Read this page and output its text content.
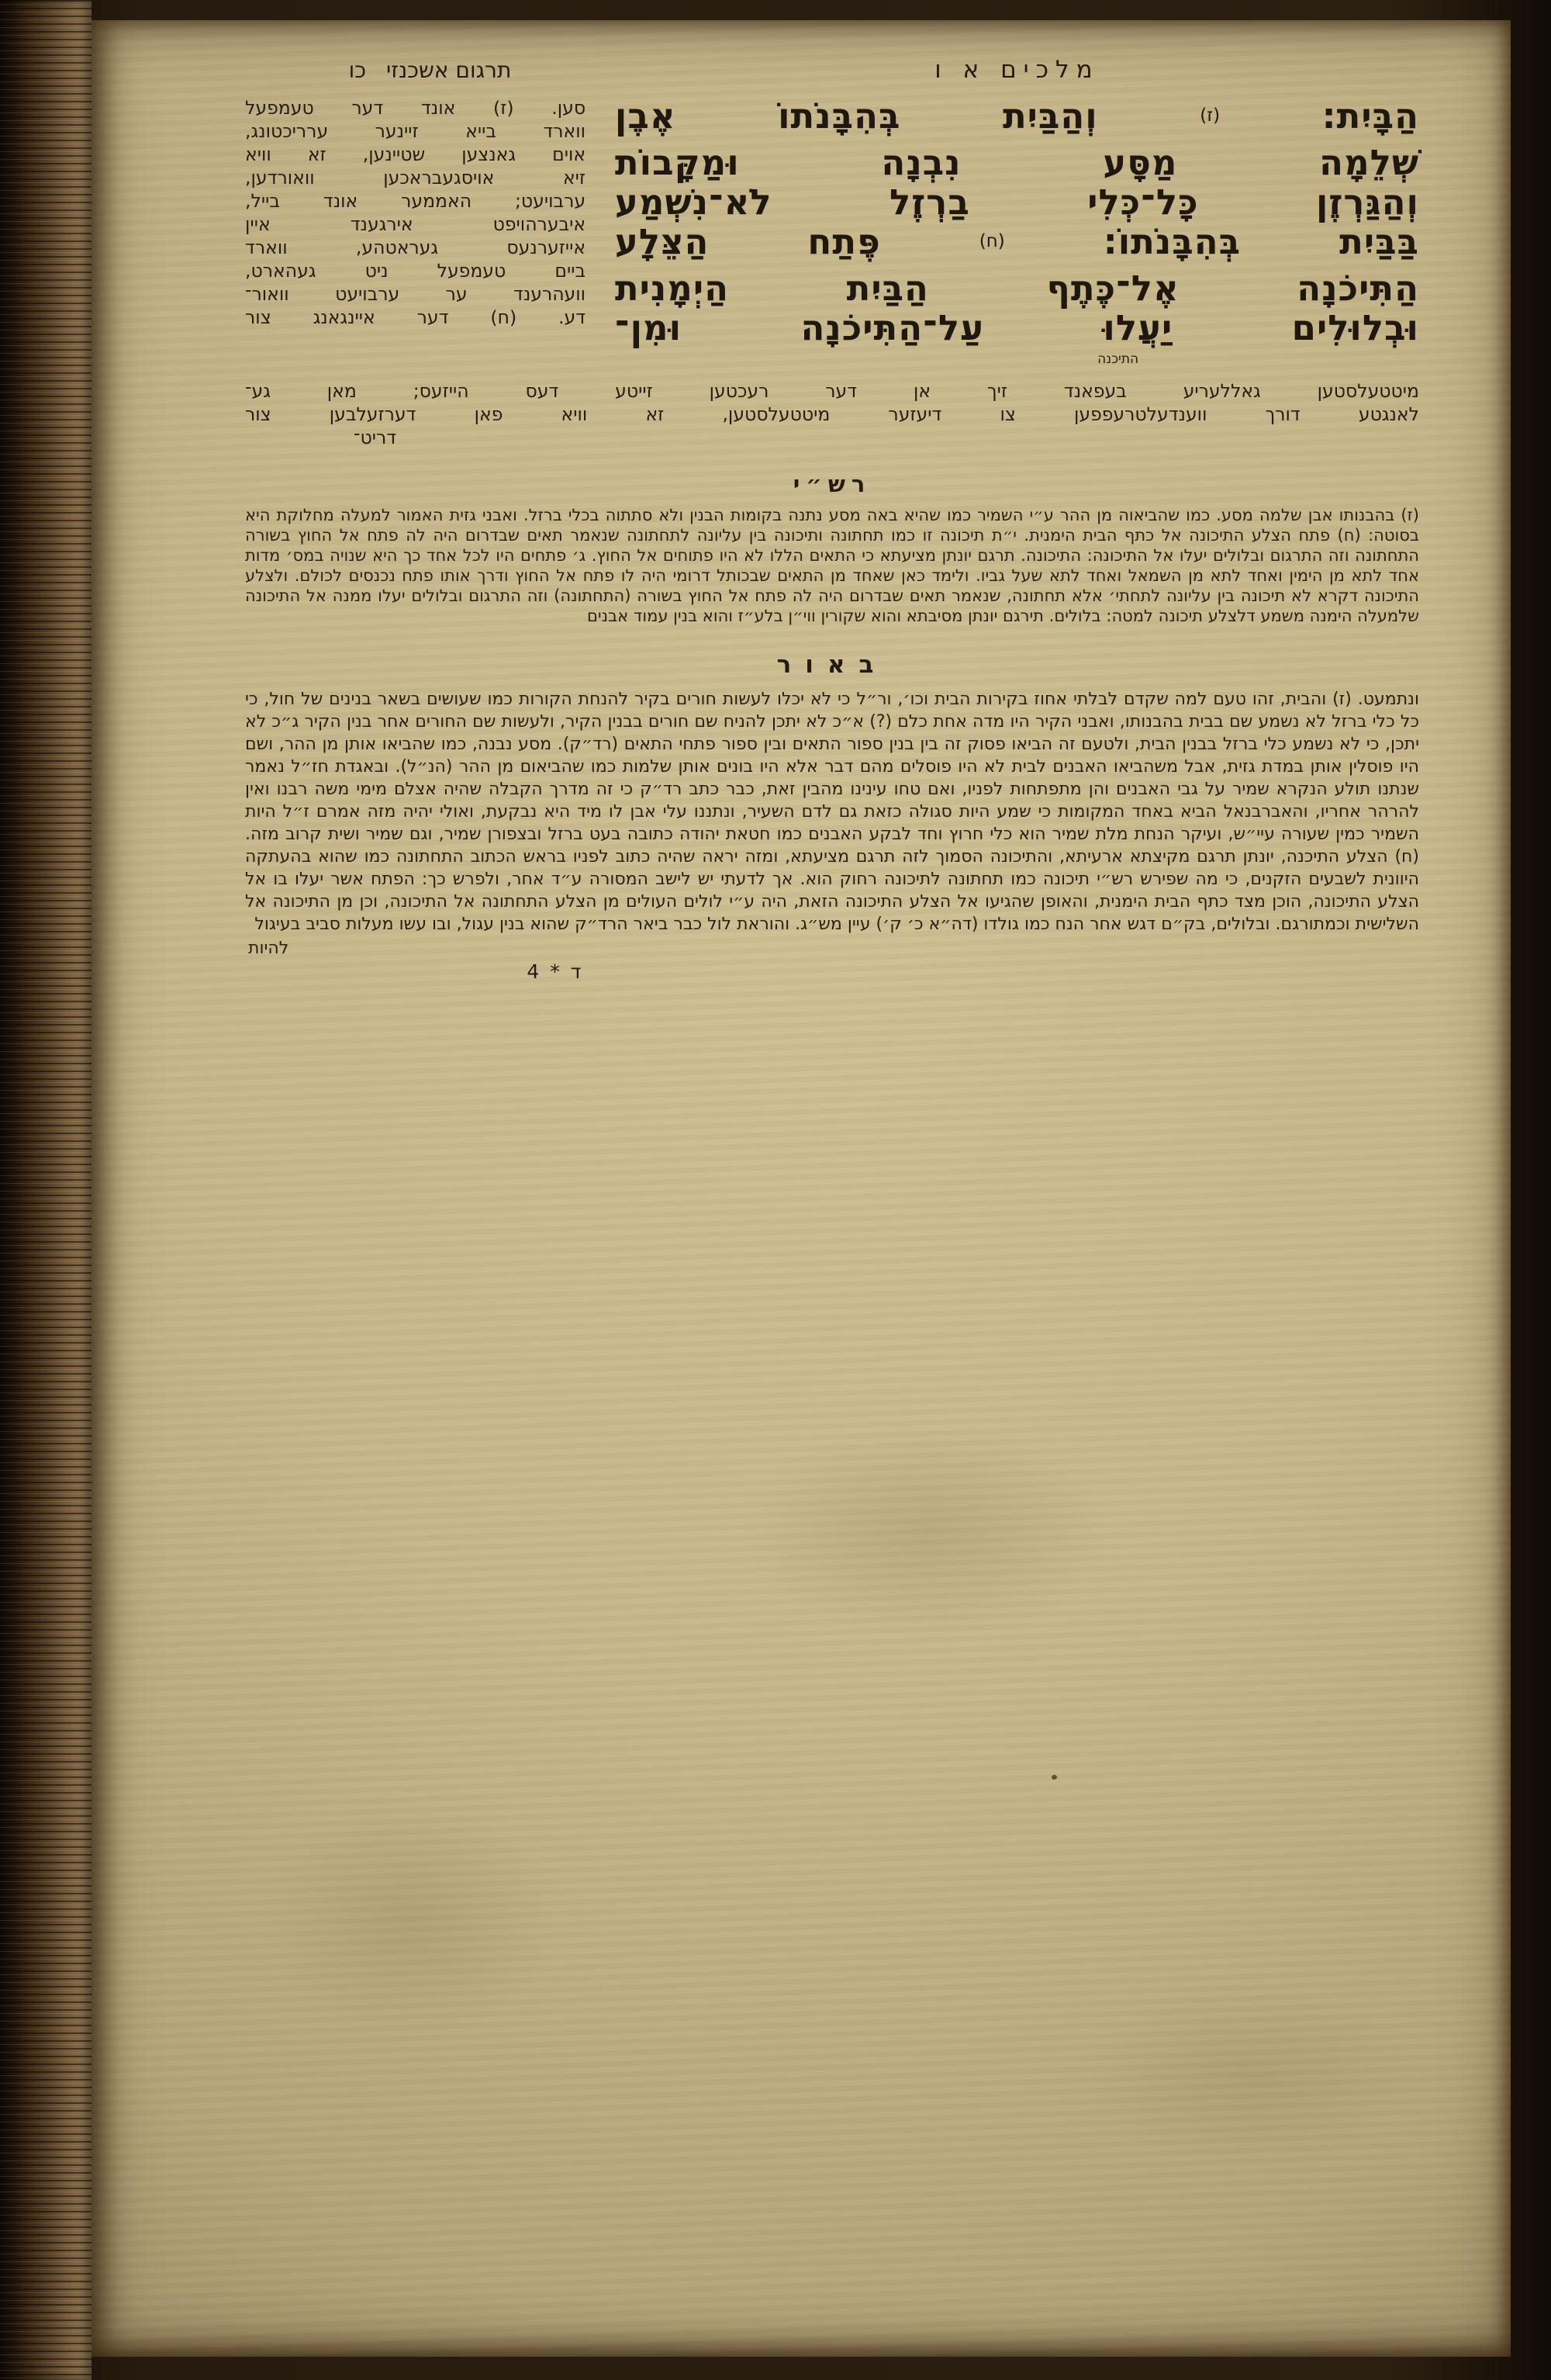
מלכים א ו
תרגום אשכנזי
כו
הַבָּיִת: $^{(ז)}$ וְהַבַּיִת בְּהִבָּנֹתוֹ אֶבֶן
שְׁלֵמָה מַסָּע נִבְנָה וּמַקָּבוֹת
וְהַגַּרְזֶן כָּל־כְּלִי בַרְזֶל לֹא־נִשְׁמַע
בַּבַּיִת בְּהִבָּנֹתוֹ: $^{(ח)}$ פֶּתַח הַצֵּלָע
הַתִּיכֹנָה אֶל־כֶּתֶף הַבַּיִת הַיְמָנִית
וּבְלוּלִים יַעֲלוּ עַל־הַתִּיכֹנָה וּמִן־
התיכנה
סען. (ז) אונד דער טעמפעל
ווארד בייא זיינער ערריכטונג,
אוים גאנצען שטיינען, זא וויא
זיא אויסגעבראכען וואורדען,
ערבויעט; האממער אונד בייל,
איבערהויפט אירגענד איין
אייזערנעס געראטהע, ווארד
ביים טעמפעל ניט געהארט,
וועהרענד ער ערבויעט וואור־
דע. (ח) דער איינגאנג צור
מיטטעלסטען גאללעריע בעפאנד זיך אן דער רעכטען זייטע דעס הייזעס; מאן גע־
לאנגטע דורך ווענדעלטרעפפען צו דיעזער מיטטעלסטען, זא וויא פאן דערזעלבען צור
דריט־
רש״י
(ז) בהבנותו אבן שלמה מסע. כמו שהביאוה מן ההר ע״י השמיר כמו שהיא באה מסע נתנה בקומות הבנין ולא סתתוה בכלי ברזל. ואבני גזית האמור למעלה מחלוקת היא בסוטה: (ח) פתח הצלע התיכונה אל כתף הבית הימנית. י״ת תיכונה זו כמו תחתונה ותיכונה בין עליונה לתחתונה שנאמר תאים שבדרום היה לה פתח אל החוץ בשורה התחתונה וזה התרגום ובלולים יעלו אל התיכונה: התיכונה. תרגם יונתן מציעתא כי התאים הללו לא היו פתוחים אל החוץ. ג׳ פתחים היו לכל אחד כך היא שנויה במס׳ מדות אחד לתא מן הימין ואחד לתא מן השמאל ואחד לתא שעל גביו. ולימד כאן שאחד מן התאים שבכותל דרומי היה לו פתח אל החוץ ודרך אותו פתח נכנסים לכולם. ולצלע התיכונה דקרא לא תיכונה בין עליונה לתחתי׳ אלא תחתונה, שנאמר תאים שבדרום היה לה פתח אל החוץ בשורה (התחתונה) וזה התרגום ובלולים יעלו ממנה אל התיכונה שלמעלה הימנה משמע דלצלע תיכונה למטה: בלולים. תירגם יונתן מסיבתא והוא שקורין ווי״ן בלע״ז והוא בנין עמוד אבנים
באור
ונתמעט. (ז) והבית, זהו טעם למה שקדם לבלתי אחוז בקירות הבית וכו׳, ור״ל כי לא יכלו לעשות חורים בקיר להנחת הקורות כמו שעושים בשאר בנינים של חול, כי כל כלי ברזל לא נשמע שם בבית בהבנותו, ואבני הקיר היו מדה אחת כלם (?) א״כ לא יתכן להניח שם חורים בבנין הקיר, ולעשות שם החורים אחר בנין הקיר ג״כ לא יתכן, כי לא נשמע כלי ברזל בבנין הבית, ולטעם זה הביאו פסוק זה בין בנין ספור התאים ובין ספור פתחי התאים (רד״ק). מסע נבנה, כמו שהביאו אותן מן ההר, ושם היו פוסלין אותן במדת גזית, אבל משהביאו האבנים לבית לא היו פוסלים מהם דבר אלא היו בונים אותן שלמות כמו שהביאום מן ההר (הנ״ל). ובאגדת חז״ל נאמר שנתנו תולע הנקרא שמיר על גבי האבנים והן מתפתחות לפניו, ואם טחו עינינו מהבין זאת, כבר כתב רד״ק כי זה מדרך הקבלה שהיה אצלם מימי משה רבנו ואין להרהר אחריו, והאברבנאל הביא באחד המקומות כי שמע היות סגולה כזאת גם לדם השעיר, ונתננו עלי אבן לו מיד היא נבקעת, ואולי יהיה מזה אמרם ז״ל היות השמיר כמין שעורה עיי״ש, ועיקר הנחת מלת שמיר הוא כלי חרוץ וחד לבקע האבנים כמו חטאת יהודה כתובה בעט ברזל ובצפורן שמיר, וגם שמיר ושית קרוב מזה. (ח) הצלע התיכנה, יונתן תרגם מקיצתא ארעיתא, והתיכונה הסמוך לזה תרגם מציעתא, ומזה יראה שהיה כתוב לפניו בראש הכתוב התחתונה כמו שהוא בהעתקה היוונית לשבעים הזקנים, כי מה שפירש רש״י תיכונה כמו תחתונה לתיכונה רחוק הוא. אך לדעתי יש לישב המסורה ע״ד אחר, ולפרש כך: הפתח אשר יעלו בו אל הצלע התיכונה, הוכן מצד כתף הבית הימנית, והאופן שהגיעו אל הצלע התיכונה הזאת, היה ע״י לולים העולים מן הצלע התחתונה אל התיכונה, וכן מן התיכונה אל השלישית וכמתורגם. ובלולים, בק״ם דגש אחר הנח כמו גולדו (דה״א כ׳ ק׳) עיין מש״ג. והוראת לול כבר ביאר הרד״ק שהוא בנין עגול, ובו עשו מעלות סביב בעיגול
להיות
ד * 4
